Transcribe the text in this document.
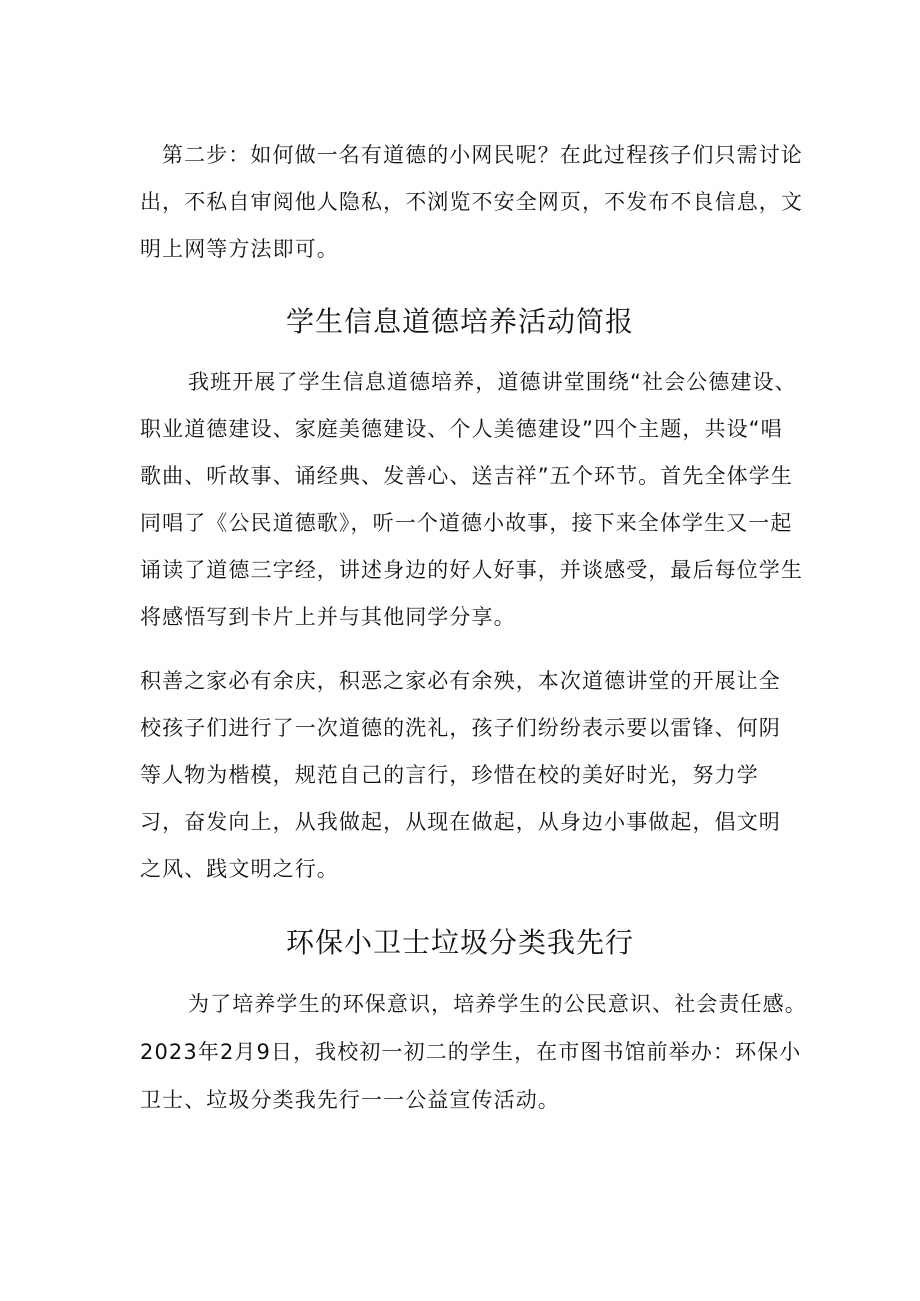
第二步：如何做一名有道德的小网民呢？在此过程孩子们只需讨论

出，不私自审阅他人隐私，不浏览不安全网页，不发布不良信息，文

明上网等方法即可。

学生信息道德培养活动简报

我班开展了学生信息道德培养，道德讲堂围绕“社会公德建设、

职业道德建设、家庭美德建设、个人美德建设”四个主题，共设“唱

歌曲、听故事、诵经典、发善心、送吉祥”五个环节。首先全体学生

同唱了《公民道德歌》，听一个道德小故事，接下来全体学生又一起

诵读了道德三字经，讲述身边的好人好事，并谈感受，最后每位学生

将感悟写到卡片上并与其他同学分享。

积善之家必有余庆，积恶之家必有余殃，本次道德讲堂的开展让全

校孩子们进行了一次道德的洗礼，孩子们纷纷表示要以雷锋、何阴

等人物为楷模，规范自己的言行，珍惜在校的美好时光，努力学

习，奋发向上，从我做起，从现在做起，从身边小事做起，倡文明

之风、践文明之行。

环保小卫士垃圾分类我先行

为了培养学生的环保意识，培养学生的公民意识、社会责任感。

2023年2月9日，我校初一初二的学生，在市图书馆前举办：环保小

卫士、垃圾分类我先行一一公益宣传活动。
